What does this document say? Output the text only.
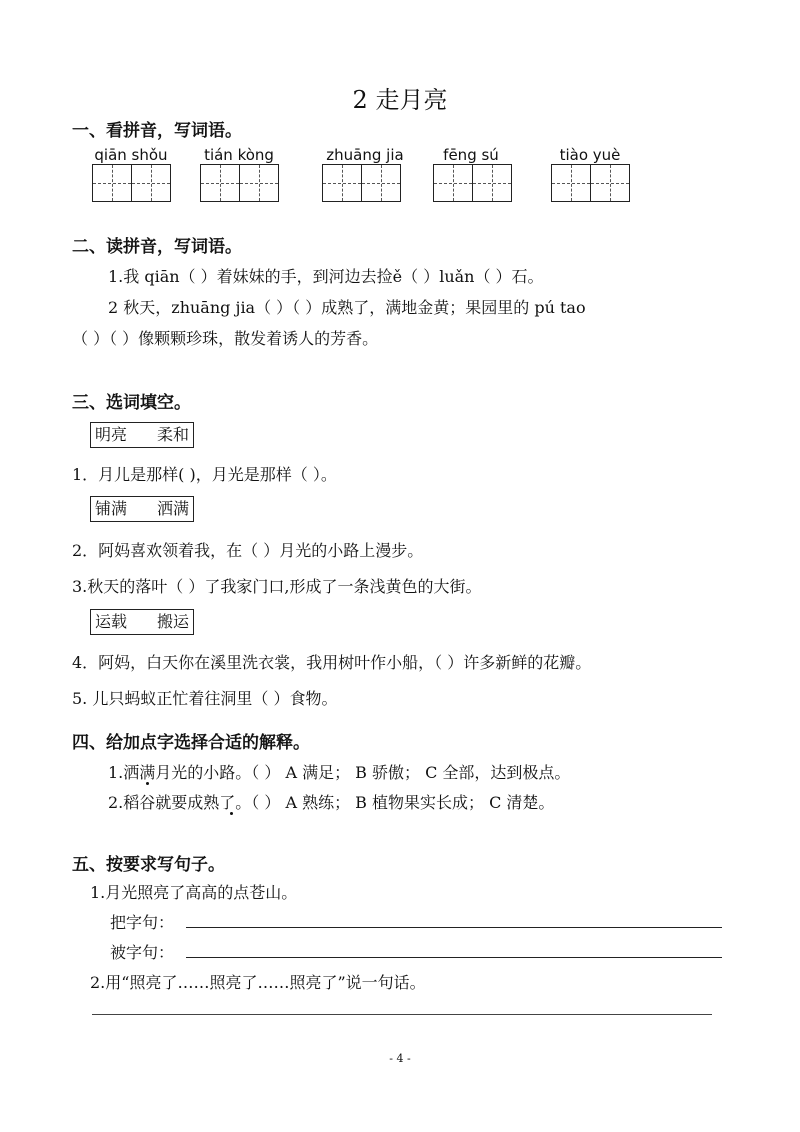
2 走月亮
一、看拼音，写词语。
qiān shǒu	tián kòng	zhuāng jia	fēng sú	tiào yuè
二、读拼音，写词语。
1.我 qiān（ ）着妹妹的手，到河边去捡ě（ ）luǎn（ ）石。
2 秋天，zhuāng jia（ ）（ ）成熟了，满地金黄；果园里的 pú tao
（ ）（ ）像颗颗珍珠，散发着诱人的芳香。
三、选词填空。
明亮 柔和
1．月儿是那样( )，月光是那样（ ）。
铺满 洒满
2．阿妈喜欢领着我，在（ ）月光的小路上漫步。
3.秋天的落叶（ ）了我家门口,形成了一条浅黄色的大街。
运载 搬运
4．阿妈，白天你在溪里洗衣裳，我用树叶作小船，（ ）许多新鲜的花瓣。
5. 儿只蚂蚁正忙着往洞里（ ）食物。
四、给加点字选择合适的解释。
1.洒满月光的小路。（ ） A 满足； B 骄傲； C 全部，达到极点。
2.稻谷就要成熟了。（ ） A 熟练； B 植物果实长成； C 清楚。
五、按要求写句子。
1.月光照亮了高高的点苍山。
把字句：
被字句：
2.用“照亮了……照亮了……照亮了”说一句话。
- 4 -
